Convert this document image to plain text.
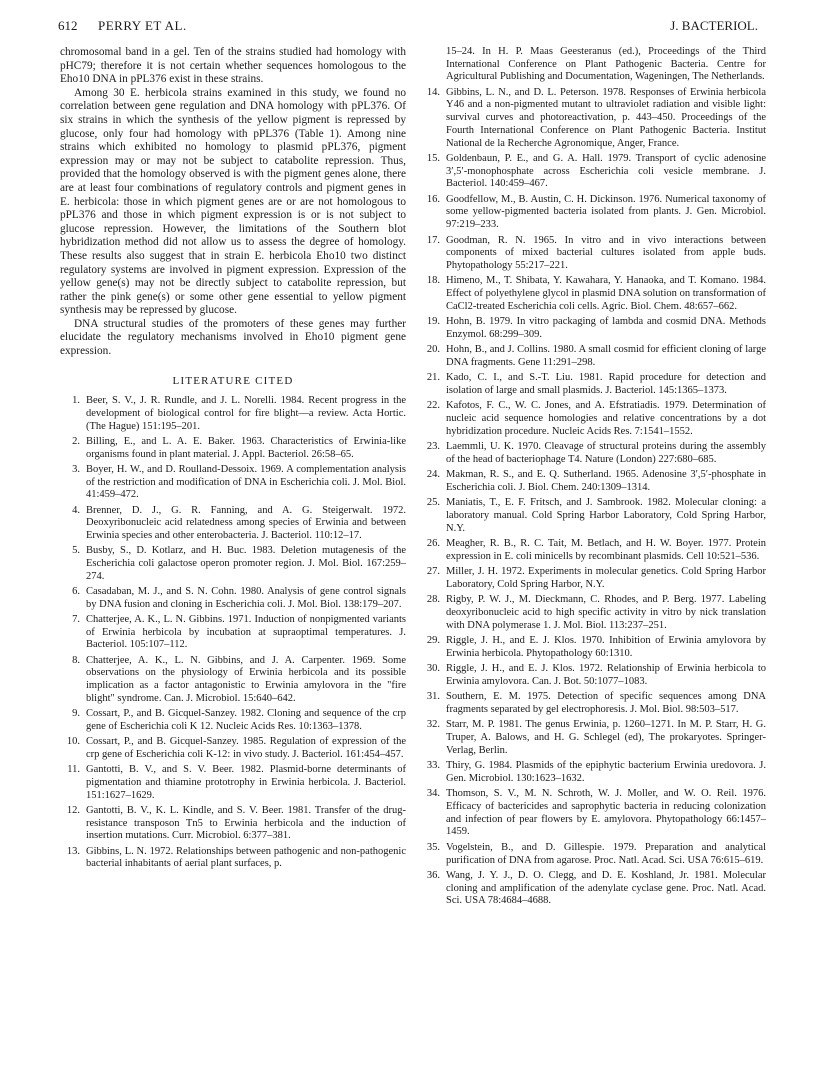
612 PERRY ET AL.	J. BACTERIOL.

chromosomal band in a gel. Ten of the strains studied had homology with pHC79; therefore it is not certain whether sequences homologous to the Eho10 DNA in pPL376 exist in these strains.

Among 30 E. herbicola strains examined in this study, we found no correlation between gene regulation and DNA homology with pPL376. Of six strains in which the synthesis of the yellow pigment is repressed by glucose, only four had homology with pPL376 (Table 1). Among nine strains which exhibited no homology to plasmid pPL376, pigment expression may or may not be subject to catabolite repression. Thus, provided that the homology observed is with the pigment genes alone, there are at least four combinations of regulatory controls and pigment genes in E. herbicola: those in which pigment genes are or are not homologous to pPL376 and those in which pigment expression is or is not subject to glucose repression. However, the limitations of the Southern blot hybridization method did not allow us to assess the degree of homology. These results also suggest that in strain E. herbicola Eho10 two distinct regulatory systems are involved in pigment expression. Expression of the yellow gene(s) may not be directly subject to catabolite repression, but rather the pink gene(s) or some other gene essential to yellow pigment synthesis may be repressed by glucose.

DNA structural studies of the promoters of these genes may further elucidate the regulatory mechanisms involved in Eho10 pigment gene expression.

LITERATURE CITED
1. Beer, S. V., J. R. Rundle, and J. L. Norelli. 1984. Recent progress in the development of biological control for fire blight—a review. Acta Hortic. (The Hague) 151:195–201.
2. Billing, E., and L. A. E. Baker. 1963. Characteristics of Erwinia-like organisms found in plant material. J. Appl. Bacteriol. 26:58–65.
3. Boyer, H. W., and D. Roulland-Dessoix. 1969. A complementation analysis of the restriction and modification of DNA in Escherichia coli. J. Mol. Biol. 41:459–472.
4. Brenner, D. J., G. R. Fanning, and A. G. Steigerwalt. 1972. Deoxyribonucleic acid relatedness among species of Erwinia and between Erwinia species and other enterobacteria. J. Bacteriol. 110:12–17.
5. Busby, S., D. Kotlarz, and H. Buc. 1983. Deletion mutagenesis of the Escherichia coli galactose operon promoter region. J. Mol. Biol. 167:259–274.
6. Casadaban, M. J., and S. N. Cohn. 1980. Analysis of gene control signals by DNA fusion and cloning in Escherichia coli. J. Mol. Biol. 138:179–207.
7. Chatterjee, A. K., L. N. Gibbins. 1971. Induction of nonpigmented variants of Erwinia herbicola by incubation at supraoptimal temperatures. J. Bacteriol. 105:107–112.
8. Chatterjee, A. K., L. N. Gibbins, and J. A. Carpenter. 1969. Some observations on the physiology of Erwinia herbicola and its possible implication as a factor antagonistic to Erwinia amylovora in the "fire blight" syndrome. Can. J. Microbiol. 15:640–642.
9. Cossart, P., and B. Gicquel-Sanzey. 1982. Cloning and sequence of the crp gene of Escherichia coli K 12. Nucleic Acids Res. 10:1363–1378.
10. Cossart, P., and B. Gicquel-Sanzey. 1985. Regulation of expression of the crp gene of Escherichia coli K-12: in vivo study. J. Bacteriol. 161:454–457.
11. Gantotti, B. V., and S. V. Beer. 1982. Plasmid-borne determinants of pigmentation and thiamine prototrophy in Erwinia herbicola. J. Bacteriol. 151:1627–1629.
12. Gantotti, B. V., K. L. Kindle, and S. V. Beer. 1981. Transfer of the drug-resistance transposon Tn5 to Erwinia herbicola and the induction of insertion mutations. Curr. Microbiol. 6:377–381.
13. Gibbins, L. N. 1972. Relationships between pathogenic and non-pathogenic bacterial inhabitants of aerial plant surfaces, p.

15–24. In H. P. Maas Geesteranus (ed.), Proceedings of the Third International Conference on Plant Pathogenic Bacteria. Centre for Agricultural Publishing and Documentation, Wageningen, The Netherlands.

14. Gibbins, L. N., and D. L. Peterson. 1978. Responses of Erwinia herbicola Y46 and a non-pigmented mutant to ultraviolet radiation and visible light: survival curves and photoreactivation, p. 443–450. Proceedings of the Fourth International Conference on Plant Pathogenic Bacteria. Institut National de la Recherche Agronomique, Anger, France.
15. Goldenbaun, P. E., and G. A. Hall. 1979. Transport of cyclic adenosine 3′,5′-monophosphate across Escherichia coli vesicle membrane. J. Bacteriol. 140:459–467.
16. Goodfellow, M., B. Austin, C. H. Dickinson. 1976. Numerical taxonomy of some yellow-pigmented bacteria isolated from plants. J. Gen. Microbiol. 97:219–233.
17. Goodman, R. N. 1965. In vitro and in vivo interactions between components of mixed bacterial cultures isolated from apple buds. Phytopathology 55:217–221.
18. Himeno, M., T. Shibata, Y. Kawahara, Y. Hanaoka, and T. Komano. 1984. Effect of polyethylene glycol in plasmid DNA solution on transformation of CaCl2-treated Escherichia coli cells. Agric. Biol. Chem. 48:657–662.
19. Hohn, B. 1979. In vitro packaging of lambda and cosmid DNA. Methods Enzymol. 68:299–309.
20. Hohn, B., and J. Collins. 1980. A small cosmid for efficient cloning of large DNA fragments. Gene 11:291–298.
21. Kado, C. I., and S.-T. Liu. 1981. Rapid procedure for detection and isolation of large and small plasmids. J. Bacteriol. 145:1365–1373.
22. Kafotos, F. C., W. C. Jones, and A. Efstratiadis. 1979. Determination of nucleic acid sequence homologies and relative concentrations by a dot hybridization procedure. Nucleic Acids Res. 7:1541–1552.
23. Laemmli, U. K. 1970. Cleavage of structural proteins during the assembly of the head of bacteriophage T4. Nature (London) 227:680–685.
24. Makman, R. S., and E. Q. Sutherland. 1965. Adenosine 3′,5′-phosphate in Escherichia coli. J. Biol. Chem. 240:1309–1314.
25. Maniatis, T., E. F. Fritsch, and J. Sambrook. 1982. Molecular cloning: a laboratory manual. Cold Spring Harbor Laboratory, Cold Spring Harbor, N.Y.
26. Meagher, R. B., R. C. Tait, M. Betlach, and H. W. Boyer. 1977. Protein expression in E. coli minicells by recombinant plasmids. Cell 10:521–536.
27. Miller, J. H. 1972. Experiments in molecular genetics. Cold Spring Harbor Laboratory, Cold Spring Harbor, N.Y.
28. Rigby, P. W. J., M. Dieckmann, C. Rhodes, and P. Berg. 1977. Labeling deoxyribonucleic acid to high specific activity in vitro by nick translation with DNA polymerase 1. J. Mol. Biol. 113:237–251.
29. Riggle, J. H., and E. J. Klos. 1970. Inhibition of Erwinia amylovora by Erwinia herbicola. Phytopathology 60:1310.
30. Riggle, J. H., and E. J. Klos. 1972. Relationship of Erwinia herbicola to Erwinia amylovora. Can. J. Bot. 50:1077–1083.
31. Southern, E. M. 1975. Detection of specific sequences among DNA fragments separated by gel electrophoresis. J. Mol. Biol. 98:503–517.
32. Starr, M. P. 1981. The genus Erwinia, p. 1260–1271. In M. P. Starr, H. G. Truper, A. Balows, and H. G. Schlegel (ed), The prokaryotes. Springer-Verlag, Berlin.
33. Thiry, G. 1984. Plasmids of the epiphytic bacterium Erwinia uredovora. J. Gen. Microbiol. 130:1623–1632.
34. Thomson, S. V., M. N. Schroth, W. J. Moller, and W. O. Reil. 1976. Efficacy of bactericides and saprophytic bacteria in reducing colonization and infection of pear flowers by E. amylovora. Phytopathology 66:1457–1459.
35. Vogelstein, B., and D. Gillespie. 1979. Preparation and analytical purification of DNA from agarose. Proc. Natl. Acad. Sci. USA 76:615–619.
36. Wang, J. Y. J., D. O. Clegg, and D. E. Koshland, Jr. 1981. Molecular cloning and amplification of the adenylate cyclase gene. Proc. Natl. Acad. Sci. USA 78:4684–4688.
